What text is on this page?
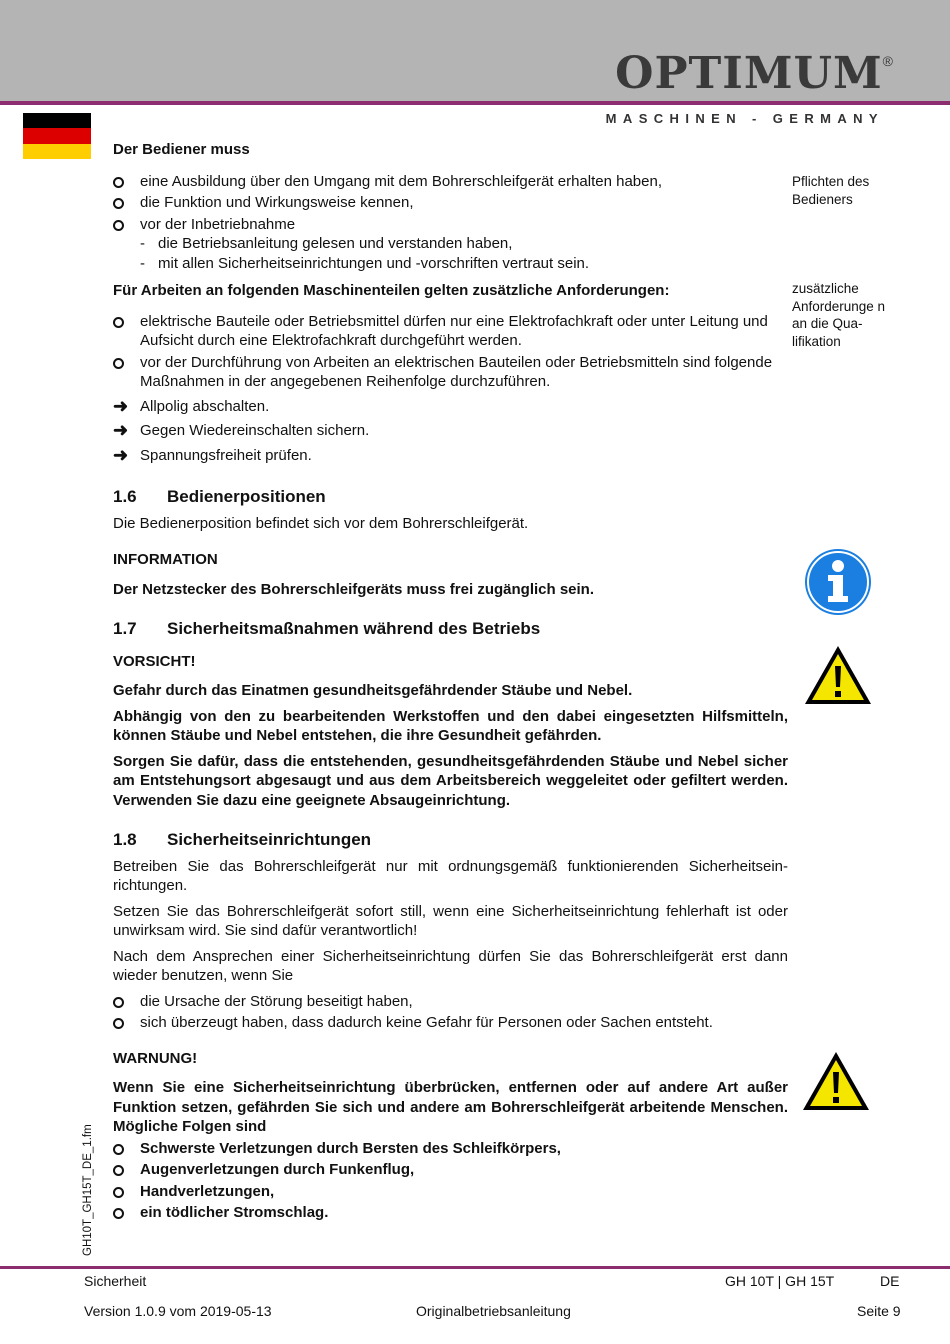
OPTIMUM®
MASCHINEN - GERMANY
Pflichten des Bedieners
zusätzliche Anforderunge n an die Qua- lifikation
Der Bediener muss
eine Ausbildung über den Umgang mit dem Bohrerschleifgerät erhalten haben,
die Funktion und Wirkungsweise kennen,
vor der Inbetriebnahme
- die Betriebsanleitung gelesen und verstanden haben,
- mit allen Sicherheitseinrichtungen und -vorschriften vertraut sein.
Für Arbeiten an folgenden Maschinenteilen gelten zusätzliche Anforderungen:
elektrische Bauteile oder Betriebsmittel dürfen nur eine Elektrofachkraft oder unter Leitung und Aufsicht durch eine Elektrofachkraft durchgeführt werden.
vor der Durchführung von Arbeiten an elektrischen Bauteilen oder Betriebsmitteln sind folgende Maßnahmen in der angegebenen Reihenfolge durchzuführen.
➜ Allpolig abschalten.
➜ Gegen Wiedereinschalten sichern.
➜ Spannungsfreiheit prüfen.
1.6 Bedienerpositionen
Die Bedienerposition befindet sich vor dem Bohrerschleifgerät.
INFORMATION
Der Netzstecker des Bohrerschleifgeräts muss frei zugänglich sein.
1.7 Sicherheitsmaßnahmen während des Betriebs
VORSICHT!
Gefahr durch das Einatmen gesundheitsgefährdender Stäube und Nebel.
Abhängig von den zu bearbeitenden Werkstoffen und den dabei eingesetzten Hilfsmitteln, können Stäube und Nebel entstehen, die ihre Gesundheit gefährden.
Sorgen Sie dafür, dass die entstehenden, gesundheitsgefährdenden Stäube und Nebel sicher am Entstehungsort abgesaugt und aus dem Arbeitsbereich weggeleitet oder gefiltert werden. Verwenden Sie dazu eine geeignete Absaugeinrichtung.
1.8 Sicherheitseinrichtungen
Betreiben Sie das Bohrerschleifgerät nur mit ordnungsgemäß funktionierenden Sicherheitsein- richtungen.
Setzen Sie das Bohrerschleifgerät sofort still, wenn eine Sicherheitseinrichtung fehlerhaft ist oder unwirksam wird. Sie sind dafür verantwortlich!
Nach dem Ansprechen einer Sicherheitseinrichtung dürfen Sie das Bohrerschleifgerät erst dann wieder benutzen, wenn Sie
die Ursache der Störung beseitigt haben,
sich überzeugt haben, dass dadurch keine Gefahr für Personen oder Sachen entsteht.
WARNUNG!
Wenn Sie eine Sicherheitseinrichtung überbrücken, entfernen oder auf andere Art außer Funktion setzen, gefährden Sie sich und andere am Bohrerschleifgerät arbeitende Menschen. Mögliche Folgen sind
Schwerste Verletzungen durch Bersten des Schleifkörpers,
Augenverletzungen durch Funkenflug,
Handverletzungen,
ein tödlicher Stromschlag.
GH10T_GH15T_DE_1.fm
Sicherheit	GH 10T | GH 15T	DE
Version 1.0.9 vom 2019-05-13	Originalbetriebsanleitung	Seite 9
